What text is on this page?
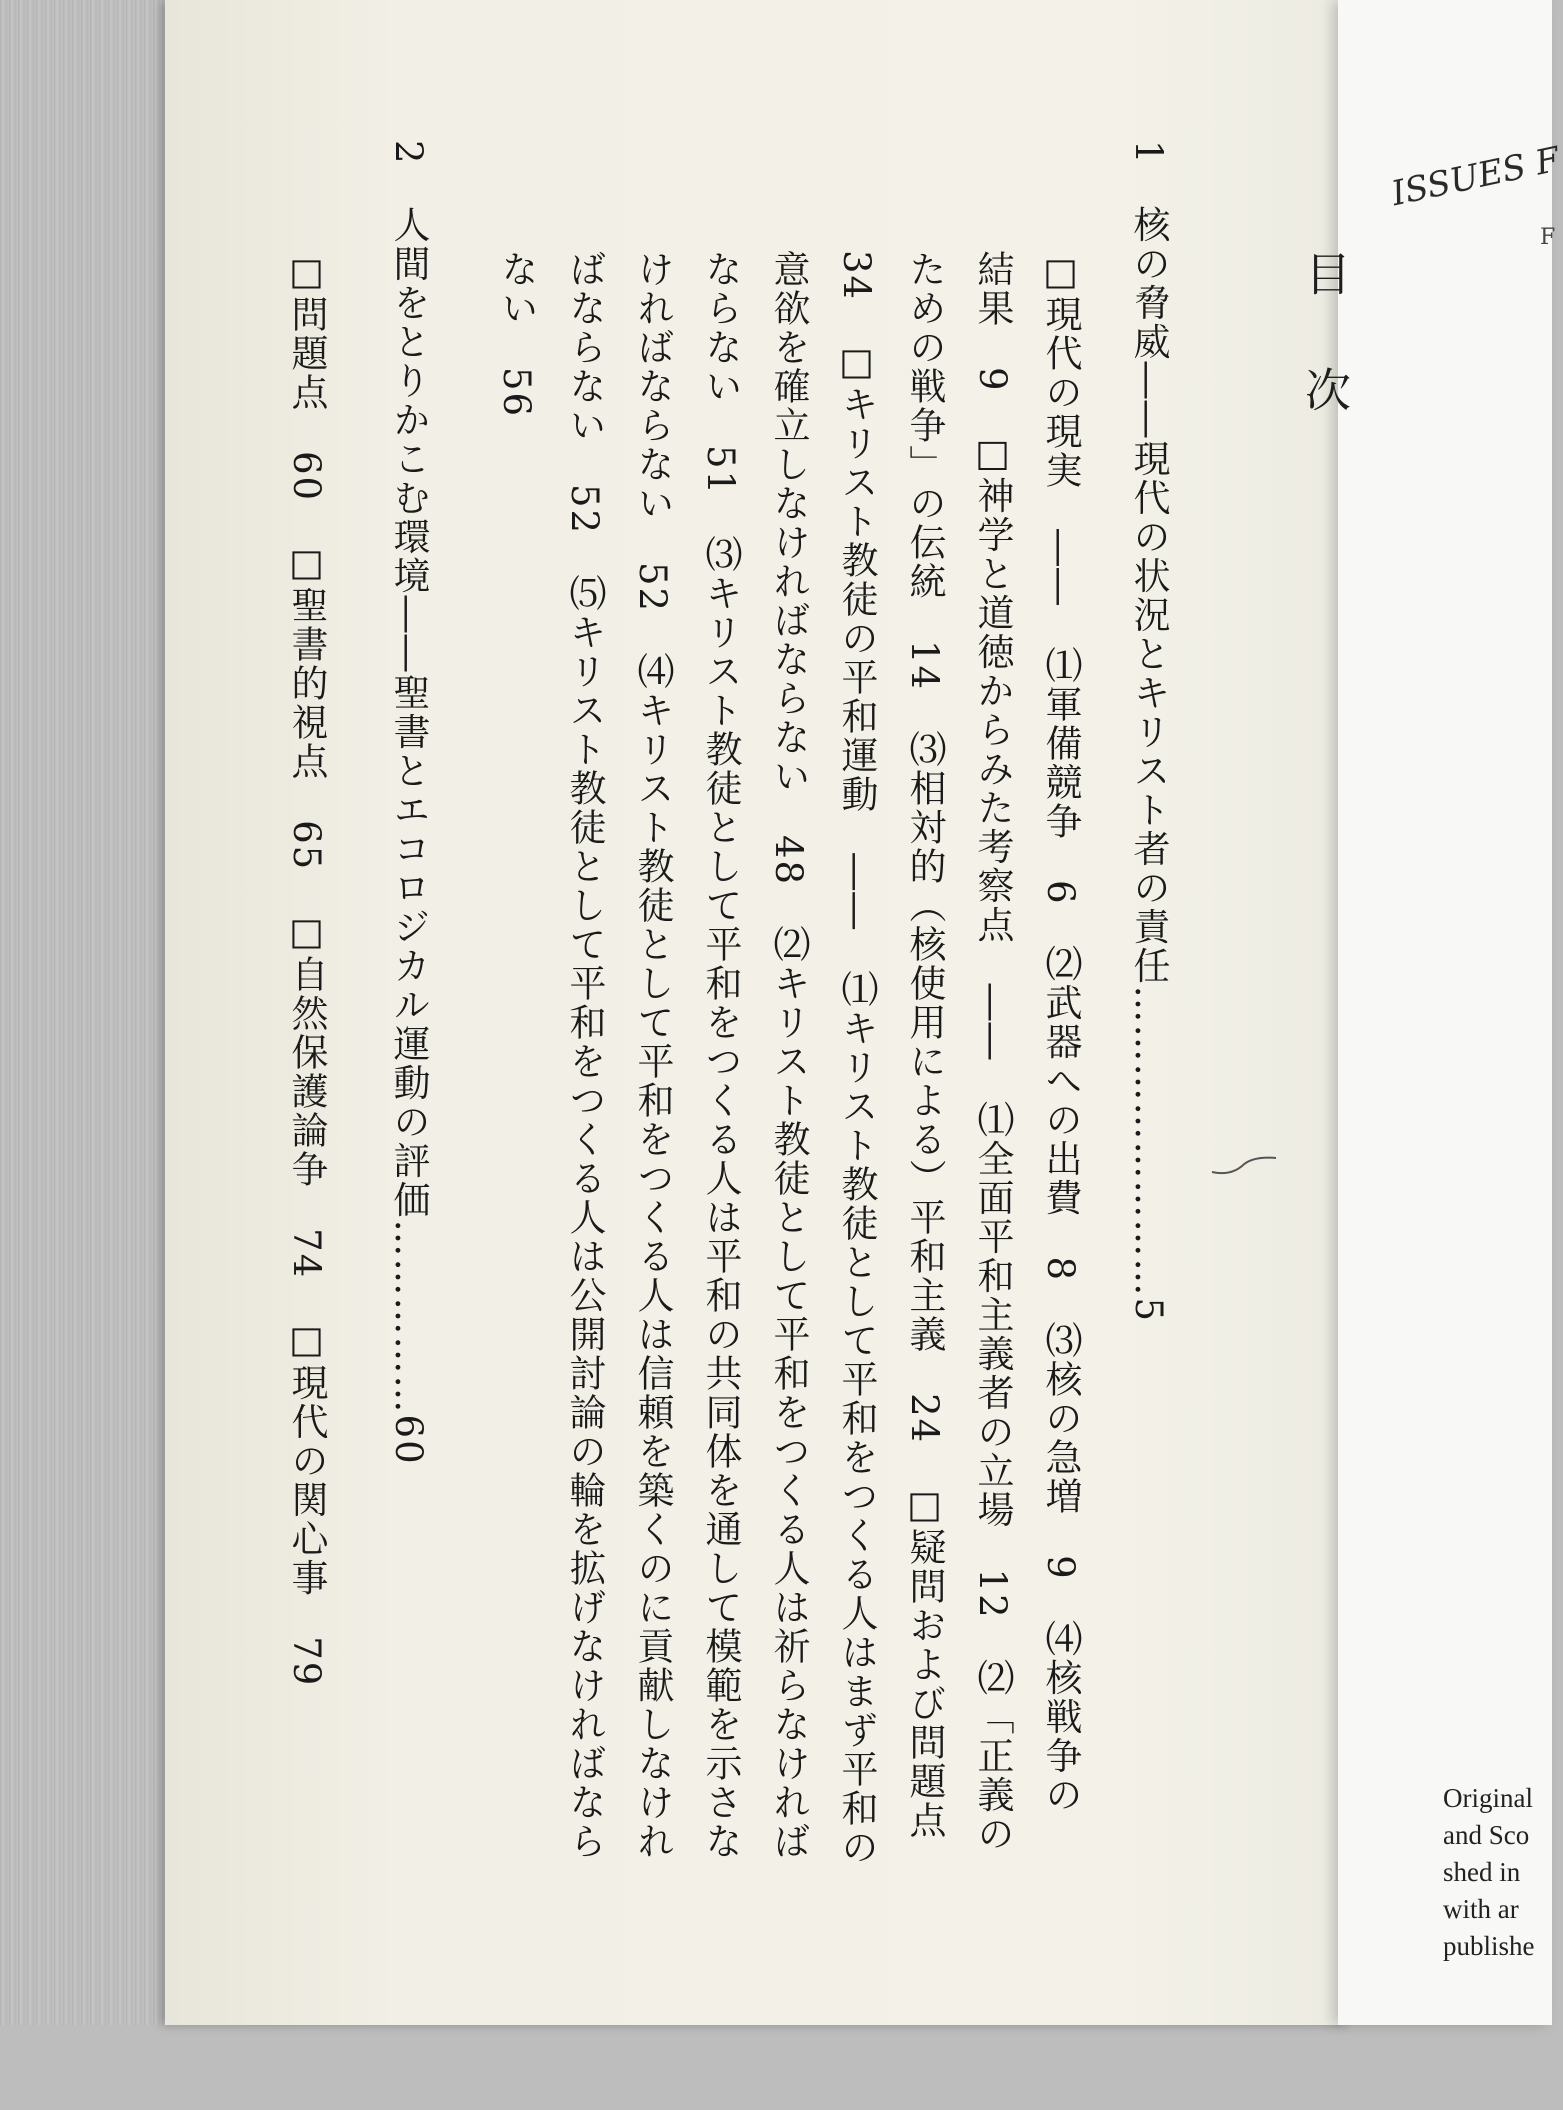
目次
1核の脅威――現代の状況とキリスト者の責任……………………5
□現代の現実　――　⑴軍備競争　6　⑵武器への出費　8　⑶核の急増　9　⑷核戦争の
結果　9　□神学と道徳からみた考察点　――　⑴全面平和主義者の立場　12　⑵「正義の
ための戦争」の伝統　14　⑶相対的（核使用による）平和主義　24　□疑問および問題点
34　□キリスト教徒の平和運動　――　⑴キリスト教徒として平和をつくる人はまず平和の
意欲を確立しなければならない　48　⑵キリスト教徒として平和をつくる人は祈らなければ
ならない　51　⑶キリスト教徒として平和をつくる人は平和の共同体を通して模範を示さな
ければならない　52　⑷キリスト教徒として平和をつくる人は信頼を築くのに貢献しなけれ
ばならない　52　⑸キリスト教徒として平和をつくる人は公開討論の輪を拡げなければなら
ない　56
2人間をとりかこむ環境――聖書とエコロジカル運動の評価……………60
□問題点　60　□聖書的視点　65　□自然保護論争　74　□現代の関心事　79
ISSUES F
F
Original
and Sco
shed in
with ar
publishe
